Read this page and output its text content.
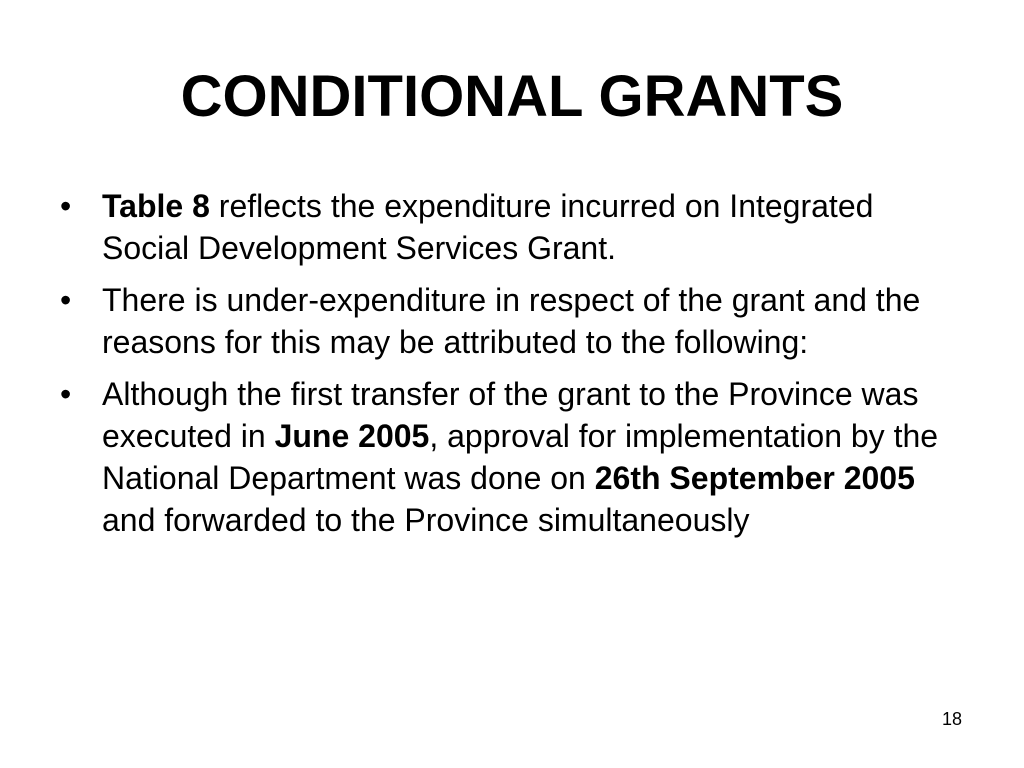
CONDITIONAL GRANTS
• Table 8 reflects the expenditure incurred on Integrated Social Development Services Grant.
• There is under-expenditure in respect of the grant and the reasons for this may be attributed to the following:
• Although the first transfer of the grant to the Province was executed in June 2005, approval for implementation by the National Department was done on 26th September 2005 and forwarded to the Province simultaneously
18
